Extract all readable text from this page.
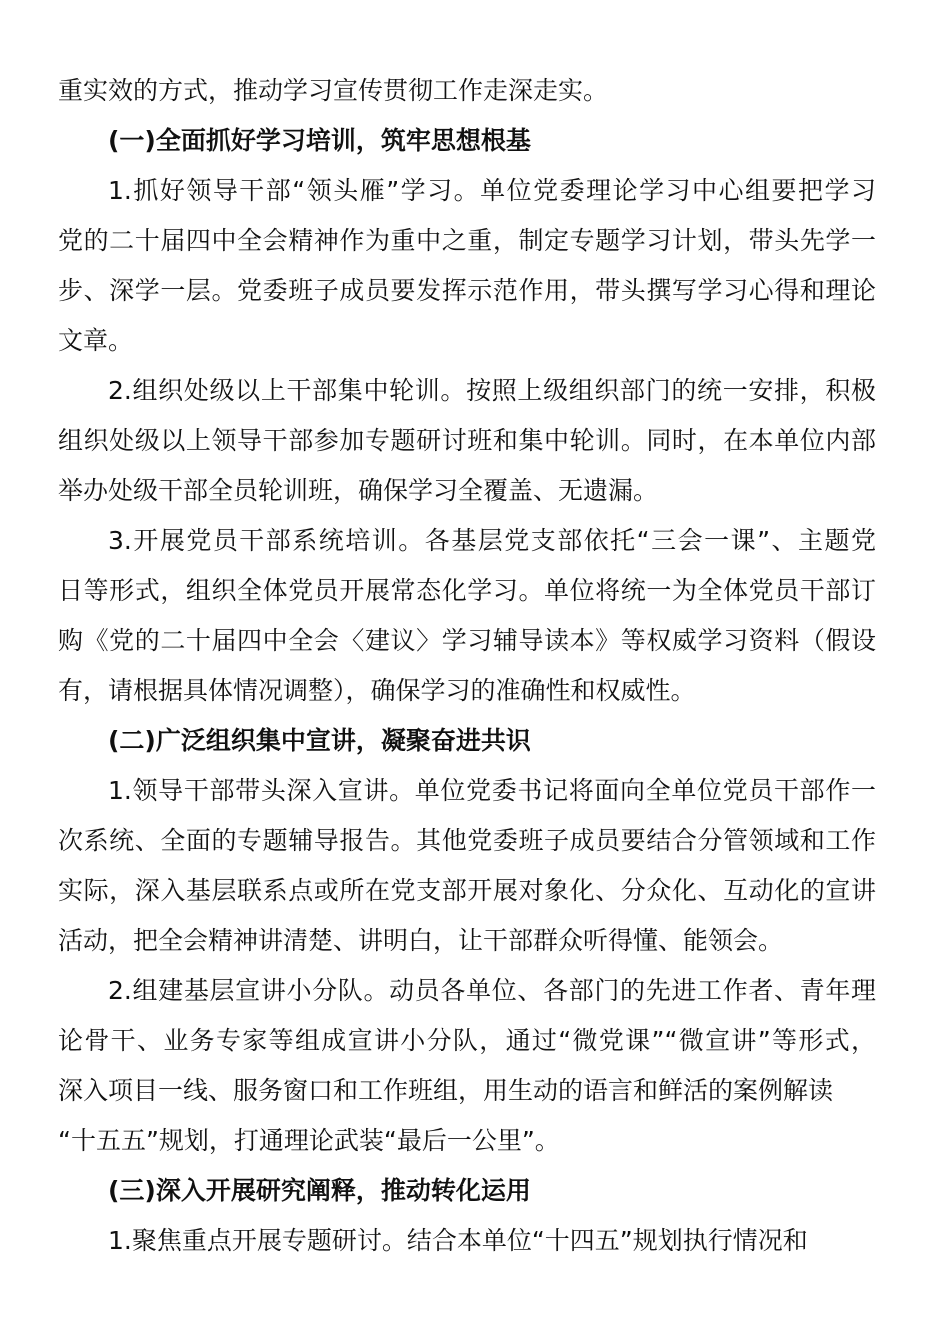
重实效的方式，推动学习宣传贯彻工作走深走实。
(一)全面抓好学习培训，筑牢思想根基
1.抓好领导干部“领头雁”学习。单位党委理论学习中心组要把学习
党的二十届四中全会精神作为重中之重，制定专题学习计划，带头先学一
步、深学一层。党委班子成员要发挥示范作用，带头撰写学习心得和理论
文章。
2.组织处级以上干部集中轮训。按照上级组织部门的统一安排，积极
组织处级以上领导干部参加专题研讨班和集中轮训。同时，在本单位内部
举办处级干部全员轮训班，确保学习全覆盖、无遗漏。
3.开展党员干部系统培训。各基层党支部依托“三会一课”、主题党
日等形式，组织全体党员开展常态化学习。单位将统一为全体党员干部订
购《党的二十届四中全会〈建议〉学习辅导读本》等权威学习资料（假设
有，请根据具体情况调整），确保学习的准确性和权威性。
(二)广泛组织集中宣讲，凝聚奋进共识
1.领导干部带头深入宣讲。单位党委书记将面向全单位党员干部作一
次系统、全面的专题辅导报告。其他党委班子成员要结合分管领域和工作
实际，深入基层联系点或所在党支部开展对象化、分众化、互动化的宣讲
活动，把全会精神讲清楚、讲明白，让干部群众听得懂、能领会。
2.组建基层宣讲小分队。动员各单位、各部门的先进工作者、青年理
论骨干、业务专家等组成宣讲小分队，通过“微党课”“微宣讲”等形式，
深入项目一线、服务窗口和工作班组，用生动的语言和鲜活的案例解读
“十五五”规划，打通理论武装“最后一公里”。
(三)深入开展研究阐释，推动转化运用
1.聚焦重点开展专题研讨。结合本单位“十四五”规划执行情况和
